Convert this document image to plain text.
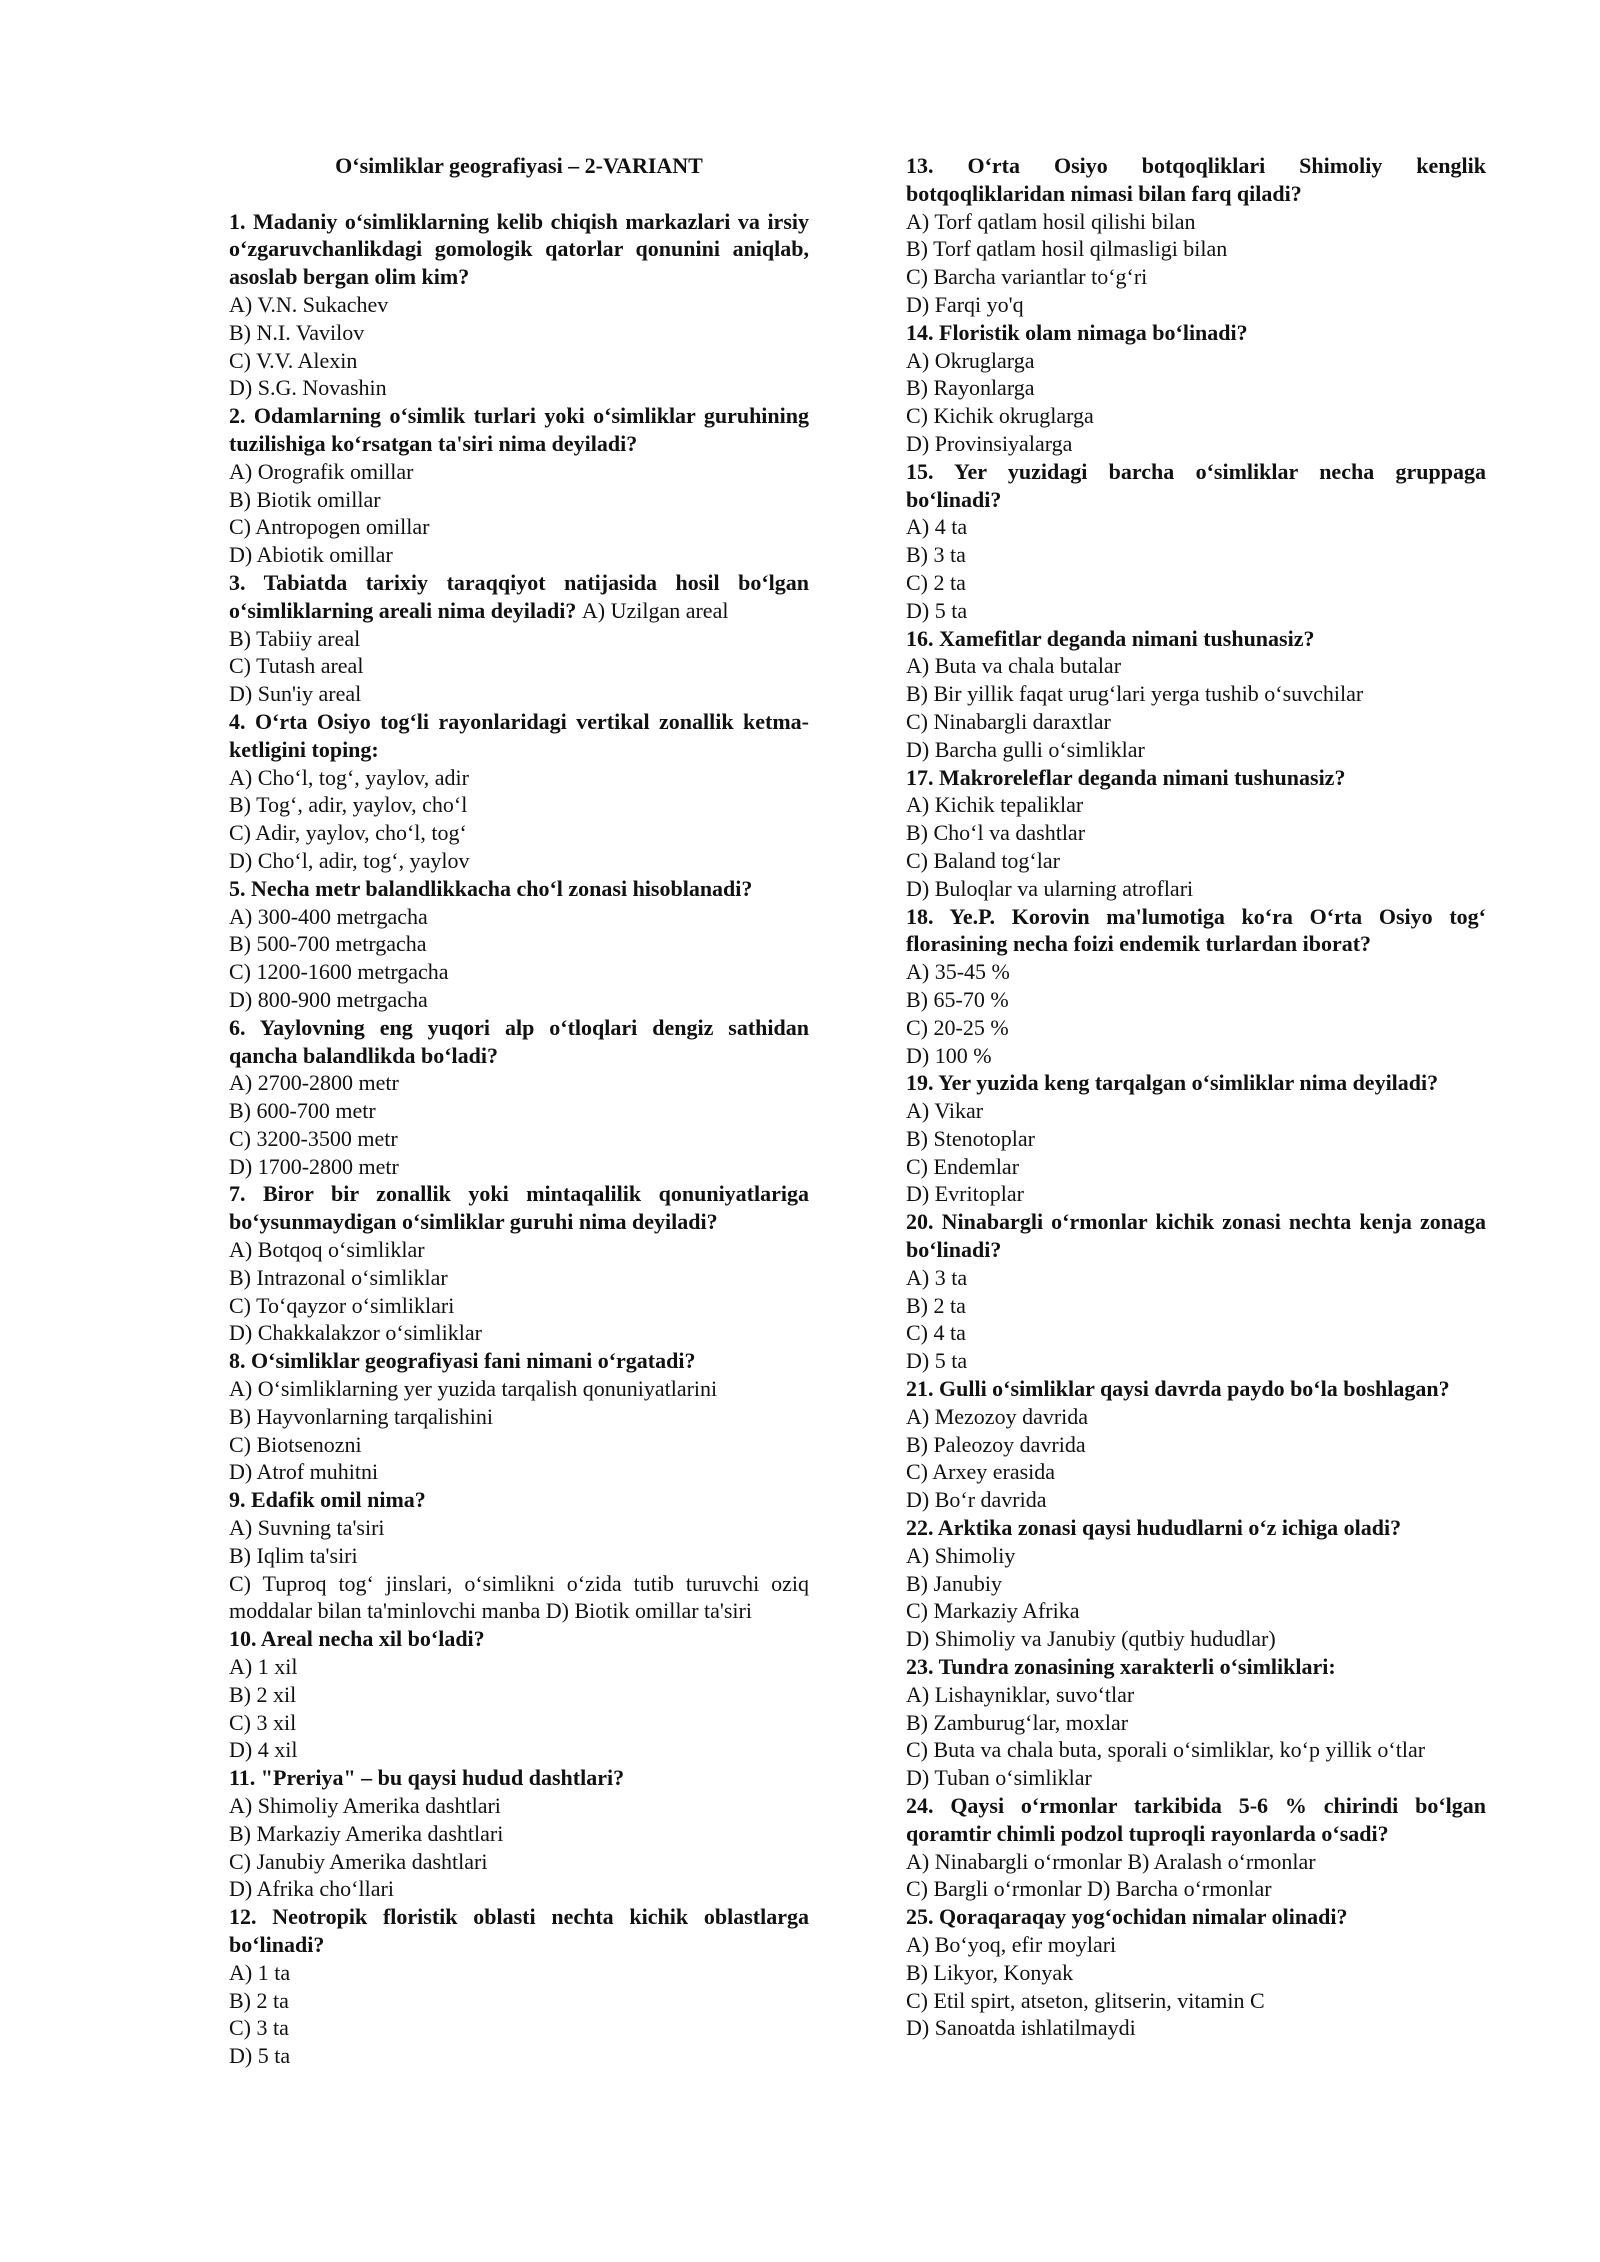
O‘simliklar geografiyasi – 2-VARIANT

1. Madaniy o‘simliklarning kelib chiqish markazlari va irsiy o‘zgaruvchanlikdagi gomologik qatorlar qonunini aniqlab, asoslab bergan olim kim?

A) V.N. Sukachev

B) N.I. Vavilov

C) V.V. Alexin

D) S.G. Novashin

2. Odamlarning o‘simlik turlari yoki o‘simliklar guruhining tuzilishiga ko‘rsatgan ta'siri nima deyiladi?

A) Orografik omillar

B) Biotik omillar

C) Antropogen omillar

D) Abiotik omillar

3. Tabiatda tarixiy taraqqiyot natijasida hosil bo‘lgan o‘simliklarning areali nima deyiladi? A) Uzilgan areal

B) Tabiiy areal

C) Tutash areal

D) Sun'iy areal

4. O‘rta Osiyo tog‘li rayonlaridagi vertikal zonallik ketma-ketligini toping:

A) Cho‘l, tog‘, yaylov, adir

B) Tog‘, adir, yaylov, cho‘l

C) Adir, yaylov, cho‘l, tog‘

D) Cho‘l, adir, tog‘, yaylov

5. Necha metr balandlikkacha cho‘l zonasi hisoblanadi?

A) 300-400 metrgacha

B) 500-700 metrgacha

C) 1200-1600 metrgacha

D) 800-900 metrgacha

6. Yaylovning eng yuqori alp o‘tloqlari dengiz sathidan qancha balandlikda bo‘ladi?

A) 2700-2800 metr

B) 600-700 metr

C) 3200-3500 metr

D) 1700-2800 metr

7. Biror bir zonallik yoki mintaqalilik qonuniyatlariga bo‘ysunmaydigan o‘simliklar guruhi nima deyiladi?

A) Botqoq o‘simliklar

B) Intrazonal o‘simliklar

C) To‘qayzor o‘simliklari

D) Chakkalakzor o‘simliklar

8. O‘simliklar geografiyasi fani nimani o‘rgatadi?

A) O‘simliklarning yer yuzida tarqalish qonuniyatlarini

B) Hayvonlarning tarqalishini

C) Biotsenozni

D) Atrof muhitni

9. Edafik omil nima?

A) Suvning ta'siri

B) Iqlim ta'siri

C) Tuproq tog‘ jinslari, o‘simlikni o‘zida tutib turuvchi oziq moddalar bilan ta'minlovchi manba D) Biotik omillar ta'siri

10. Areal necha xil bo‘ladi?

A) 1 xil

B) 2 xil

C) 3 xil

D) 4 xil

11. "Preriya" – bu qaysi hudud dashtlari?

A) Shimoliy Amerika dashtlari

B) Markaziy Amerika dashtlari

C) Janubiy Amerika dashtlari

D) Afrika cho‘llari

12. Neotropik floristik oblasti nechta kichik oblastlarga bo‘linadi?

A) 1 ta

B) 2 ta

C) 3 ta

D) 5 ta

13. O‘rta Osiyo botqoqliklari Shimoliy kenglik botqoqliklaridan nimasi bilan farq qiladi?

A) Torf qatlam hosil qilishi bilan

B) Torf qatlam hosil qilmasligi bilan

C) Barcha variantlar to‘g‘ri

D) Farqi yo'q

14. Floristik olam nimaga bo‘linadi?

A) Okruglarga

B) Rayonlarga

C) Kichik okruglarga

D) Provinsiyalarga

15. Yer yuzidagi barcha o‘simliklar necha gruppaga bo‘linadi?

A) 4 ta

B) 3 ta

C) 2 ta

D) 5 ta

16. Xamefitlar deganda nimani tushunasiz?

A) Buta va chala butalar

B) Bir yillik faqat urug‘lari yerga tushib o‘suvchilar

C) Ninabargli daraxtlar

D) Barcha gulli o‘simliklar

17. Makroreleflar deganda nimani tushunasiz?

A) Kichik tepaliklar

B) Cho‘l va dashtlar

C) Baland tog‘lar

D) Buloqlar va ularning atroflari

18. Ye.P. Korovin ma'lumotiga ko‘ra O‘rta Osiyo tog‘ florasining necha foizi endemik turlardan iborat?

A) 35-45 %

B) 65-70 %

C) 20-25 %

D) 100 %

19. Yer yuzida keng tarqalgan o‘simliklar nima deyiladi?

A) Vikar

B) Stenotoplar

C) Endemlar

D) Evritoplar

20. Ninabargli o‘rmonlar kichik zonasi nechta kenja zonaga bo‘linadi?

A) 3 ta

B) 2 ta

C) 4 ta

D) 5 ta

21. Gulli o‘simliklar qaysi davrda paydo bo‘la boshlagan?

A) Mezozoy davrida

B) Paleozoy davrida

C) Arxey erasida

D) Bo‘r davrida

22. Arktika zonasi qaysi hududlarni o‘z ichiga oladi?

A) Shimoliy

B) Janubiy

C) Markaziy Afrika

D) Shimoliy va Janubiy (qutbiy hududlar)

23. Tundra zonasining xarakterli o‘simliklari:

A) Lishayniklar, suvo‘tlar

B) Zamburug‘lar, moxlar

C) Buta va chala buta, sporali o‘simliklar, ko‘p yillik o‘tlar

D) Tuban o‘simliklar

24. Qaysi o‘rmonlar tarkibida 5-6 % chirindi bo‘lgan qoramtir chimli podzol tuproqli rayonlarda o‘sadi?

A) Ninabargli o‘rmonlar B) Aralash o‘rmonlar

C) Bargli o‘rmonlar D) Barcha o‘rmonlar

25. Qoraqaraqay yog‘ochidan nimalar olinadi?

A) Bo‘yoq, efir moylari

B) Likyor, Konyak

C) Etil spirt, atseton, glitserin, vitamin C

D) Sanoatda ishlatilmaydi
